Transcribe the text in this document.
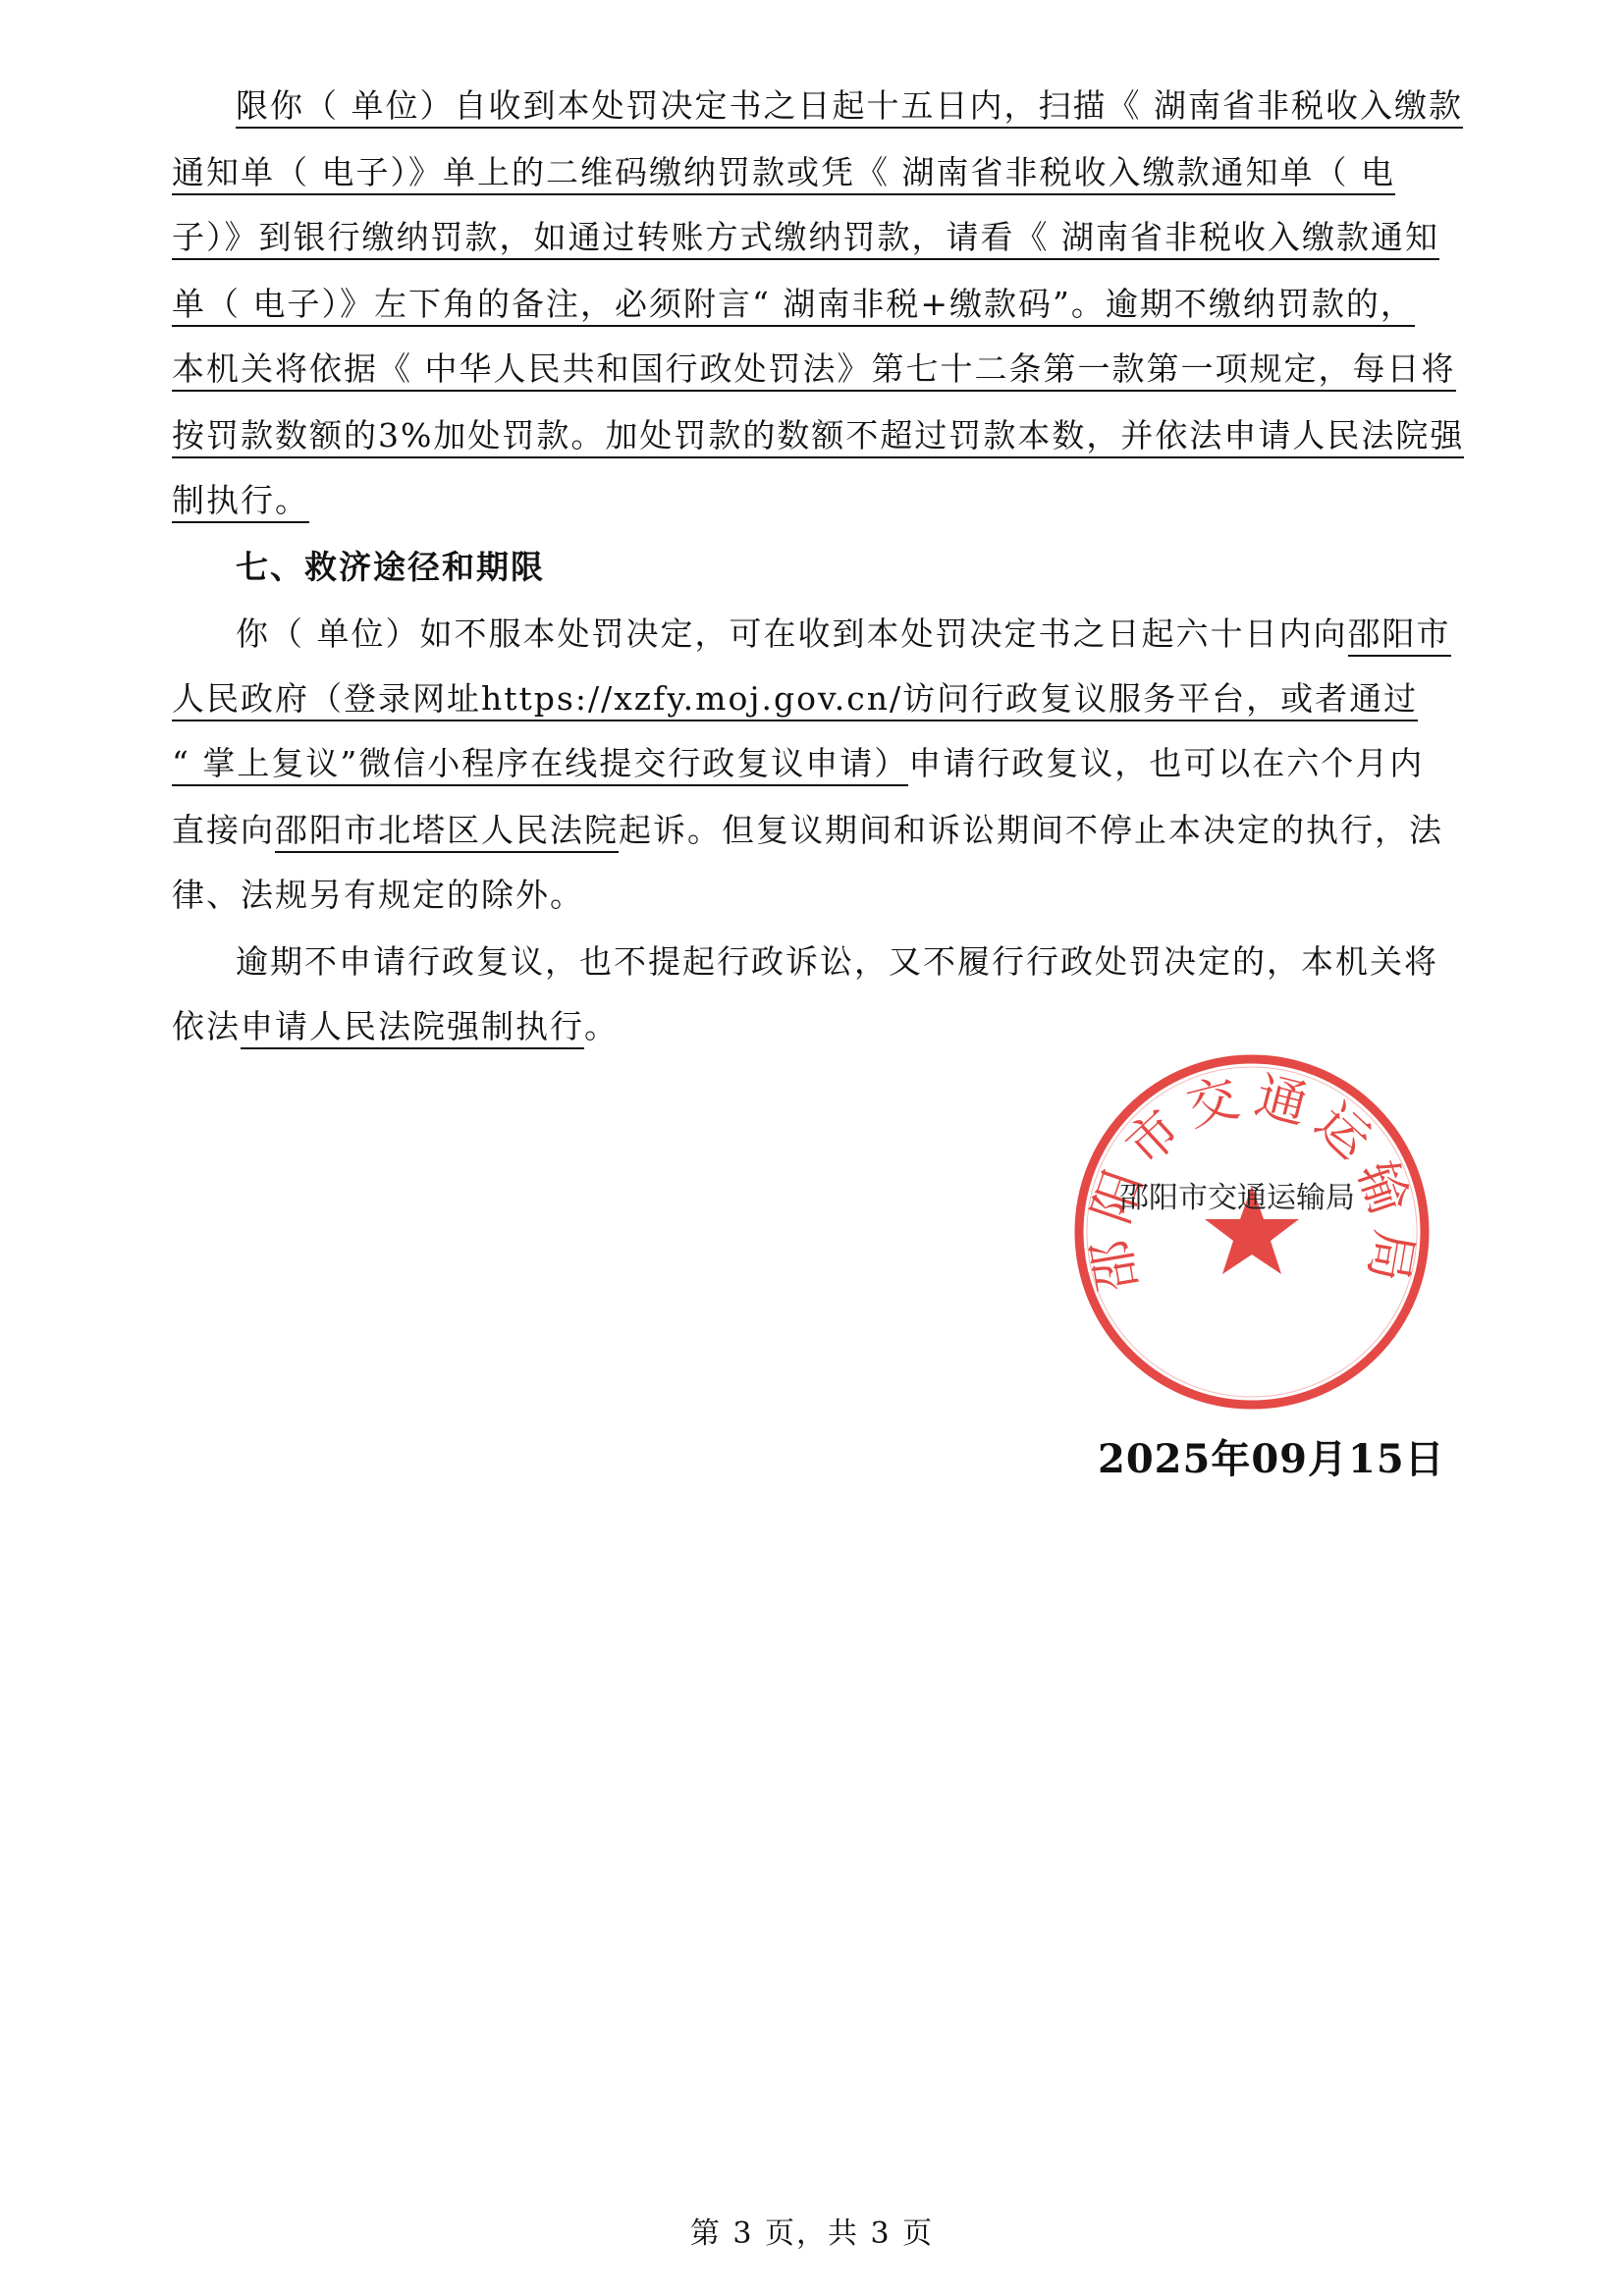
限你（ 单位）自收到本处罚决定书之日起十五日内，扫描《 湖南省非税收入缴款
通知单（ 电子）》单上的二维码缴纳罚款或凭《 湖南省非税收入缴款通知单（ 电
子）》到银行缴纳罚款，如通过转账方式缴纳罚款，请看《 湖南省非税收入缴款通知
单（ 电子）》左下角的备注，必须附言“ 湖南非税+缴款码”。逾期不缴纳罚款的，
本机关将依据《 中华人民共和国行政处罚法》第七十二条第一款第一项规定，每日将
按罚款数额的3%加处罚款。加处罚款的数额不超过罚款本数，并依法申请人民法院强
制执行。
七、救济途径和期限
你（ 单位）如不服本处罚决定，可在收到本处罚决定书之日起六十日内向邵阳市
人民政府（登录网址https://xzfy.moj.gov.cn/访问行政复议服务平台，或者通过
“ 掌上复议”微信小程序在线提交行政复议申请）申请行政复议，也可以在六个月内
直接向邵阳市北塔区人民法院起诉。但复议期间和诉讼期间不停止本决定的执行，法
律、法规另有规定的除外。
逾期不申请行政复议，也不提起行政诉讼，又不履行行政处罚决定的，本机关将
依法申请人民法院强制执行。
邵阳市交通运输局
邵阳市交通运输局
2025年09月15日
第 3 页，共 3 页
